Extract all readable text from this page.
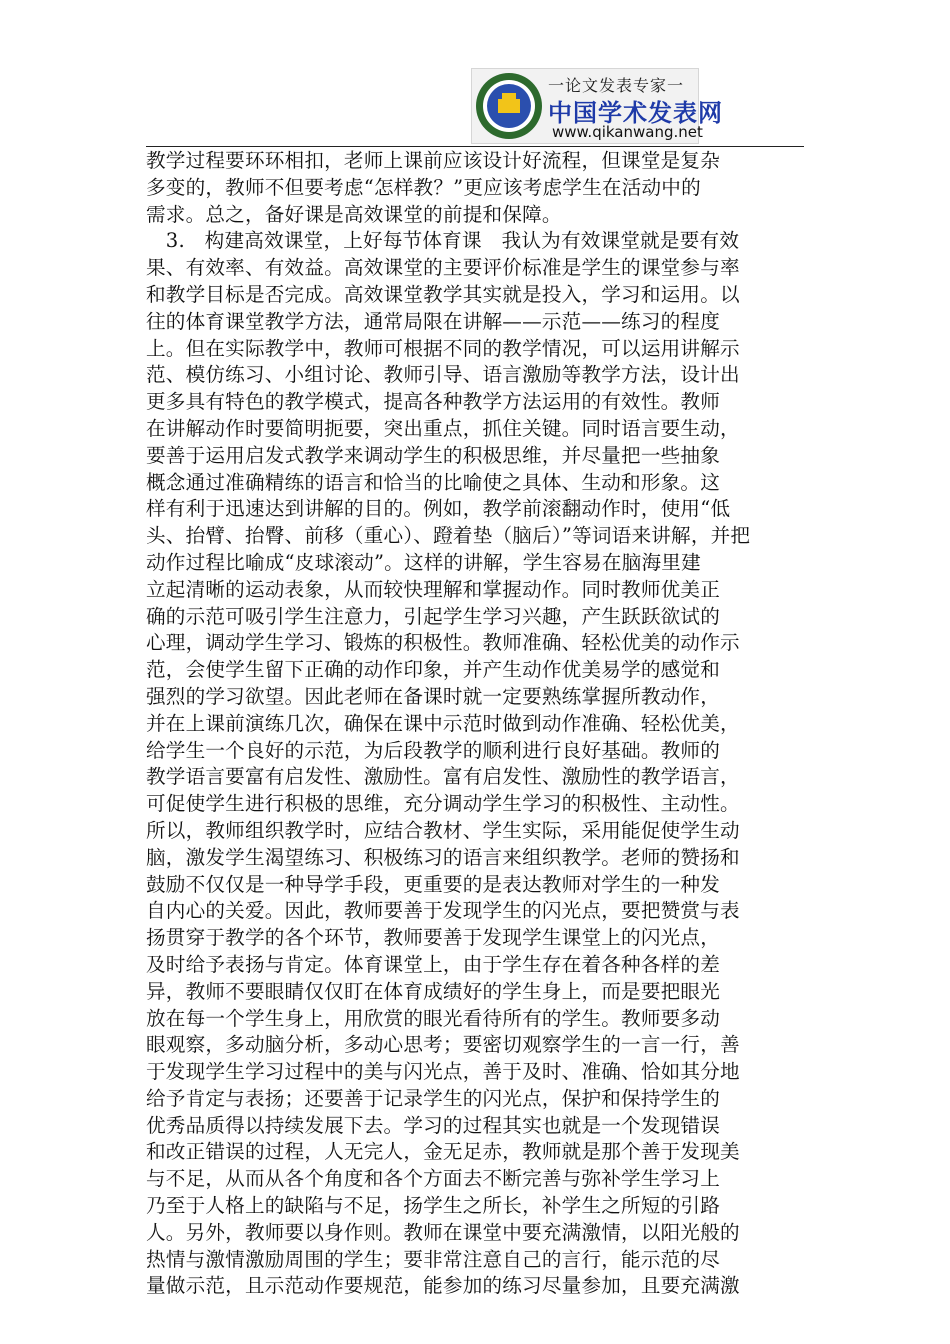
一论文发表专家一
中国学术发表网
www.qikanwang.net
教学过程要环环相扣，老师上课前应该设计好流程，但课堂是复杂
多变的，教师不但要考虑“怎样教？”更应该考虑学生在活动中的
需求。总之，备好课是高效课堂的前提和保障。
　3.　构建高效课堂，上好每节体育课　我认为有效课堂就是要有效
果、有效率、有效益。高效课堂的主要评价标准是学生的课堂参与率
和教学目标是否完成。高效课堂教学其实就是投入，学习和运用。以
往的体育课堂教学方法，通常局限在讲解——示范——练习的程度
上。但在实际教学中，教师可根据不同的教学情况，可以运用讲解示
范、模仿练习、小组讨论、教师引导、语言激励等教学方法，设计出
更多具有特色的教学模式，提高各种教学方法运用的有效性。教师
在讲解动作时要简明扼要，突出重点，抓住关键。同时语言要生动，
要善于运用启发式教学来调动学生的积极思维，并尽量把一些抽象
概念通过准确精练的语言和恰当的比喻使之具体、生动和形象。这
样有利于迅速达到讲解的目的。例如，教学前滚翻动作时，使用“低
头、抬臂、抬臀、前移（重心）、蹬着垫（脑后）”等词语来讲解，并把
动作过程比喻成“皮球滚动”。这样的讲解，学生容易在脑海里建
立起清晰的运动表象，从而较快理解和掌握动作。同时教师优美正
确的示范可吸引学生注意力，引起学生学习兴趣，产生跃跃欲试的
心理，调动学生学习、锻炼的积极性。教师准确、轻松优美的动作示
范，会使学生留下正确的动作印象，并产生动作优美易学的感觉和
强烈的学习欲望。因此老师在备课时就一定要熟练掌握所教动作，
并在上课前演练几次，确保在课中示范时做到动作准确、轻松优美，
给学生一个良好的示范，为后段教学的顺利进行良好基础。教师的
教学语言要富有启发性、激励性。富有启发性、激励性的教学语言，
可促使学生进行积极的思维，充分调动学生学习的积极性、主动性。
所以，教师组织教学时，应结合教材、学生实际，采用能促使学生动
脑，激发学生渴望练习、积极练习的语言来组织教学。老师的赞扬和
鼓励不仅仅是一种导学手段，更重要的是表达教师对学生的一种发
自内心的关爱。因此，教师要善于发现学生的闪光点，要把赞赏与表
扬贯穿于教学的各个环节，教师要善于发现学生课堂上的闪光点，
及时给予表扬与肯定。体育课堂上，由于学生存在着各种各样的差
异，教师不要眼睛仅仅盯在体育成绩好的学生身上，而是要把眼光
放在每一个学生身上，用欣赏的眼光看待所有的学生。教师要多动
眼观察，多动脑分析，多动心思考；要密切观察学生的一言一行，善
于发现学生学习过程中的美与闪光点，善于及时、准确、恰如其分地
给予肯定与表扬；还要善于记录学生的闪光点，保护和保持学生的
优秀品质得以持续发展下去。学习的过程其实也就是一个发现错误
和改正错误的过程，人无完人，金无足赤，教师就是那个善于发现美
与不足，从而从各个角度和各个方面去不断完善与弥补学生学习上
乃至于人格上的缺陷与不足，扬学生之所长，补学生之所短的引路
人。另外，教师要以身作则。教师在课堂中要充满激情，以阳光般的
热情与激情激励周围的学生；要非常注意自己的言行，能示范的尽
量做示范，且示范动作要规范，能参加的练习尽量参加，且要充满激
